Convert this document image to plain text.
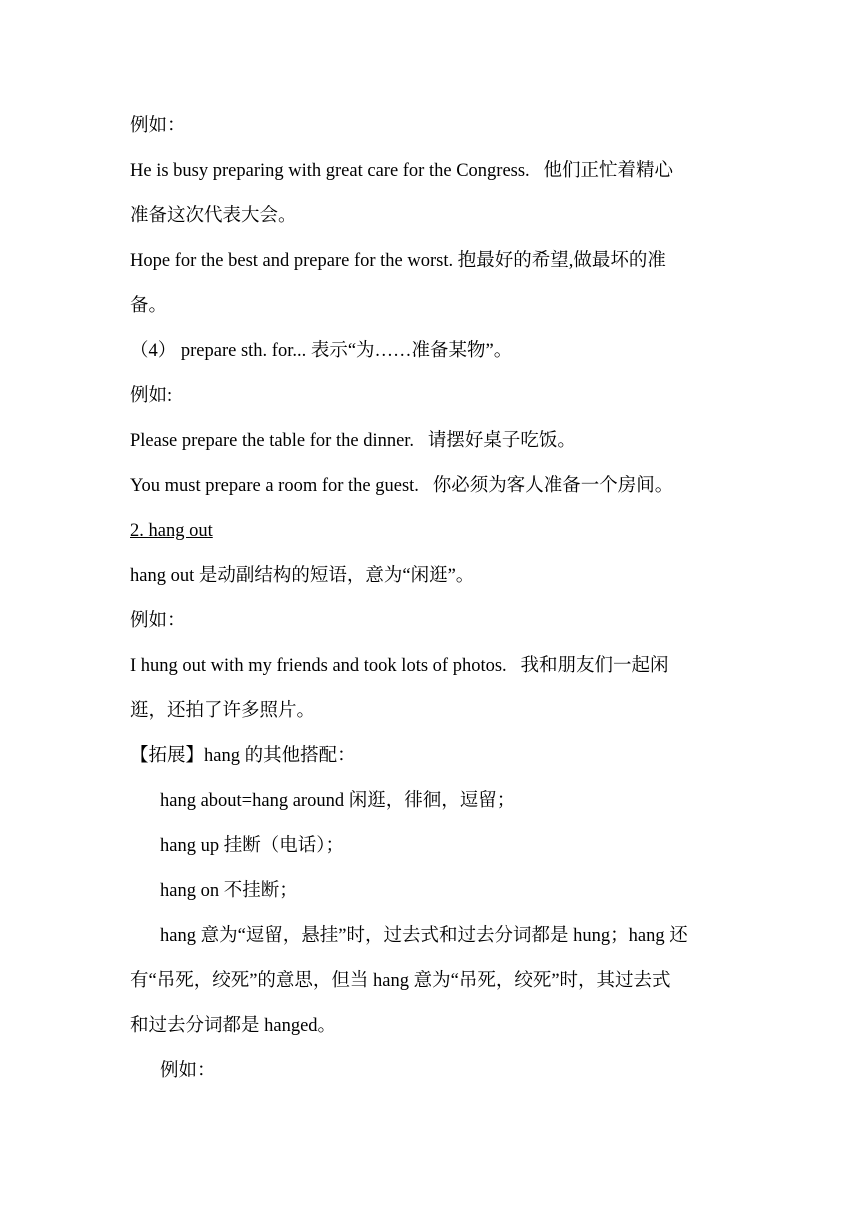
例如：
He is busy preparing with great care for the Congress.   他们正忙着精心
准备这次代表大会。
Hope for the best and prepare for the worst. 抱最好的希望,做最坏的准
备。
（4） prepare sth. for... 表示“为……准备某物”。
例如:
Please prepare the table for the dinner.   请摆好桌子吃饭。
You must prepare a room for the guest.   你必须为客人准备一个房间。
2. hang out
hang out 是动副结构的短语，意为“闲逛”。
例如：
I hung out with my friends and took lots of photos.   我和朋友们一起闲
逛，还拍了许多照片。
【拓展】hang 的其他搭配：
hang about=hang around 闲逛，徘徊，逗留；
hang up 挂断（电话）；
hang on 不挂断；
hang 意为“逗留，悬挂”时，过去式和过去分词都是 hung；hang 还
有“吊死，绞死”的意思，但当 hang 意为“吊死，绞死”时，其过去式
和过去分词都是 hanged。
例如：
